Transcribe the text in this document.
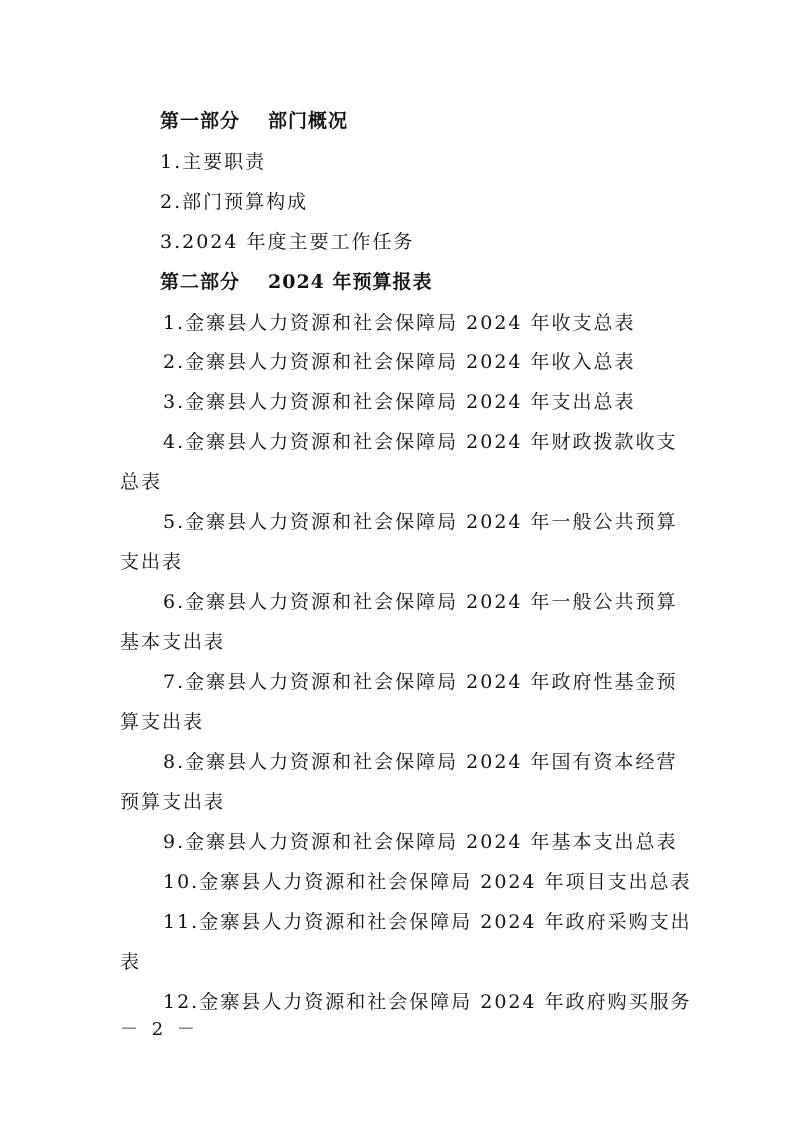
第一部分 部门概况
1.主要职责
2.部门预算构成
3.2024 年度主要工作任务
第二部分 2024 年预算报表
1.金寨县人力资源和社会保障局 2024 年收支总表
2.金寨县人力资源和社会保障局 2024 年收入总表
3.金寨县人力资源和社会保障局 2024 年支出总表
4.金寨县人力资源和社会保障局 2024 年财政拨款收支
总表
5.金寨县人力资源和社会保障局 2024 年一般公共预算
支出表
6.金寨县人力资源和社会保障局 2024 年一般公共预算
基本支出表
7.金寨县人力资源和社会保障局 2024 年政府性基金预
算支出表
8.金寨县人力资源和社会保障局 2024 年国有资本经营
预算支出表
9.金寨县人力资源和社会保障局 2024 年基本支出总表
10.金寨县人力资源和社会保障局 2024 年项目支出总表
11.金寨县人力资源和社会保障局 2024 年政府采购支出
表
12.金寨县人力资源和社会保障局 2024 年政府购买服务
－ 2 －
